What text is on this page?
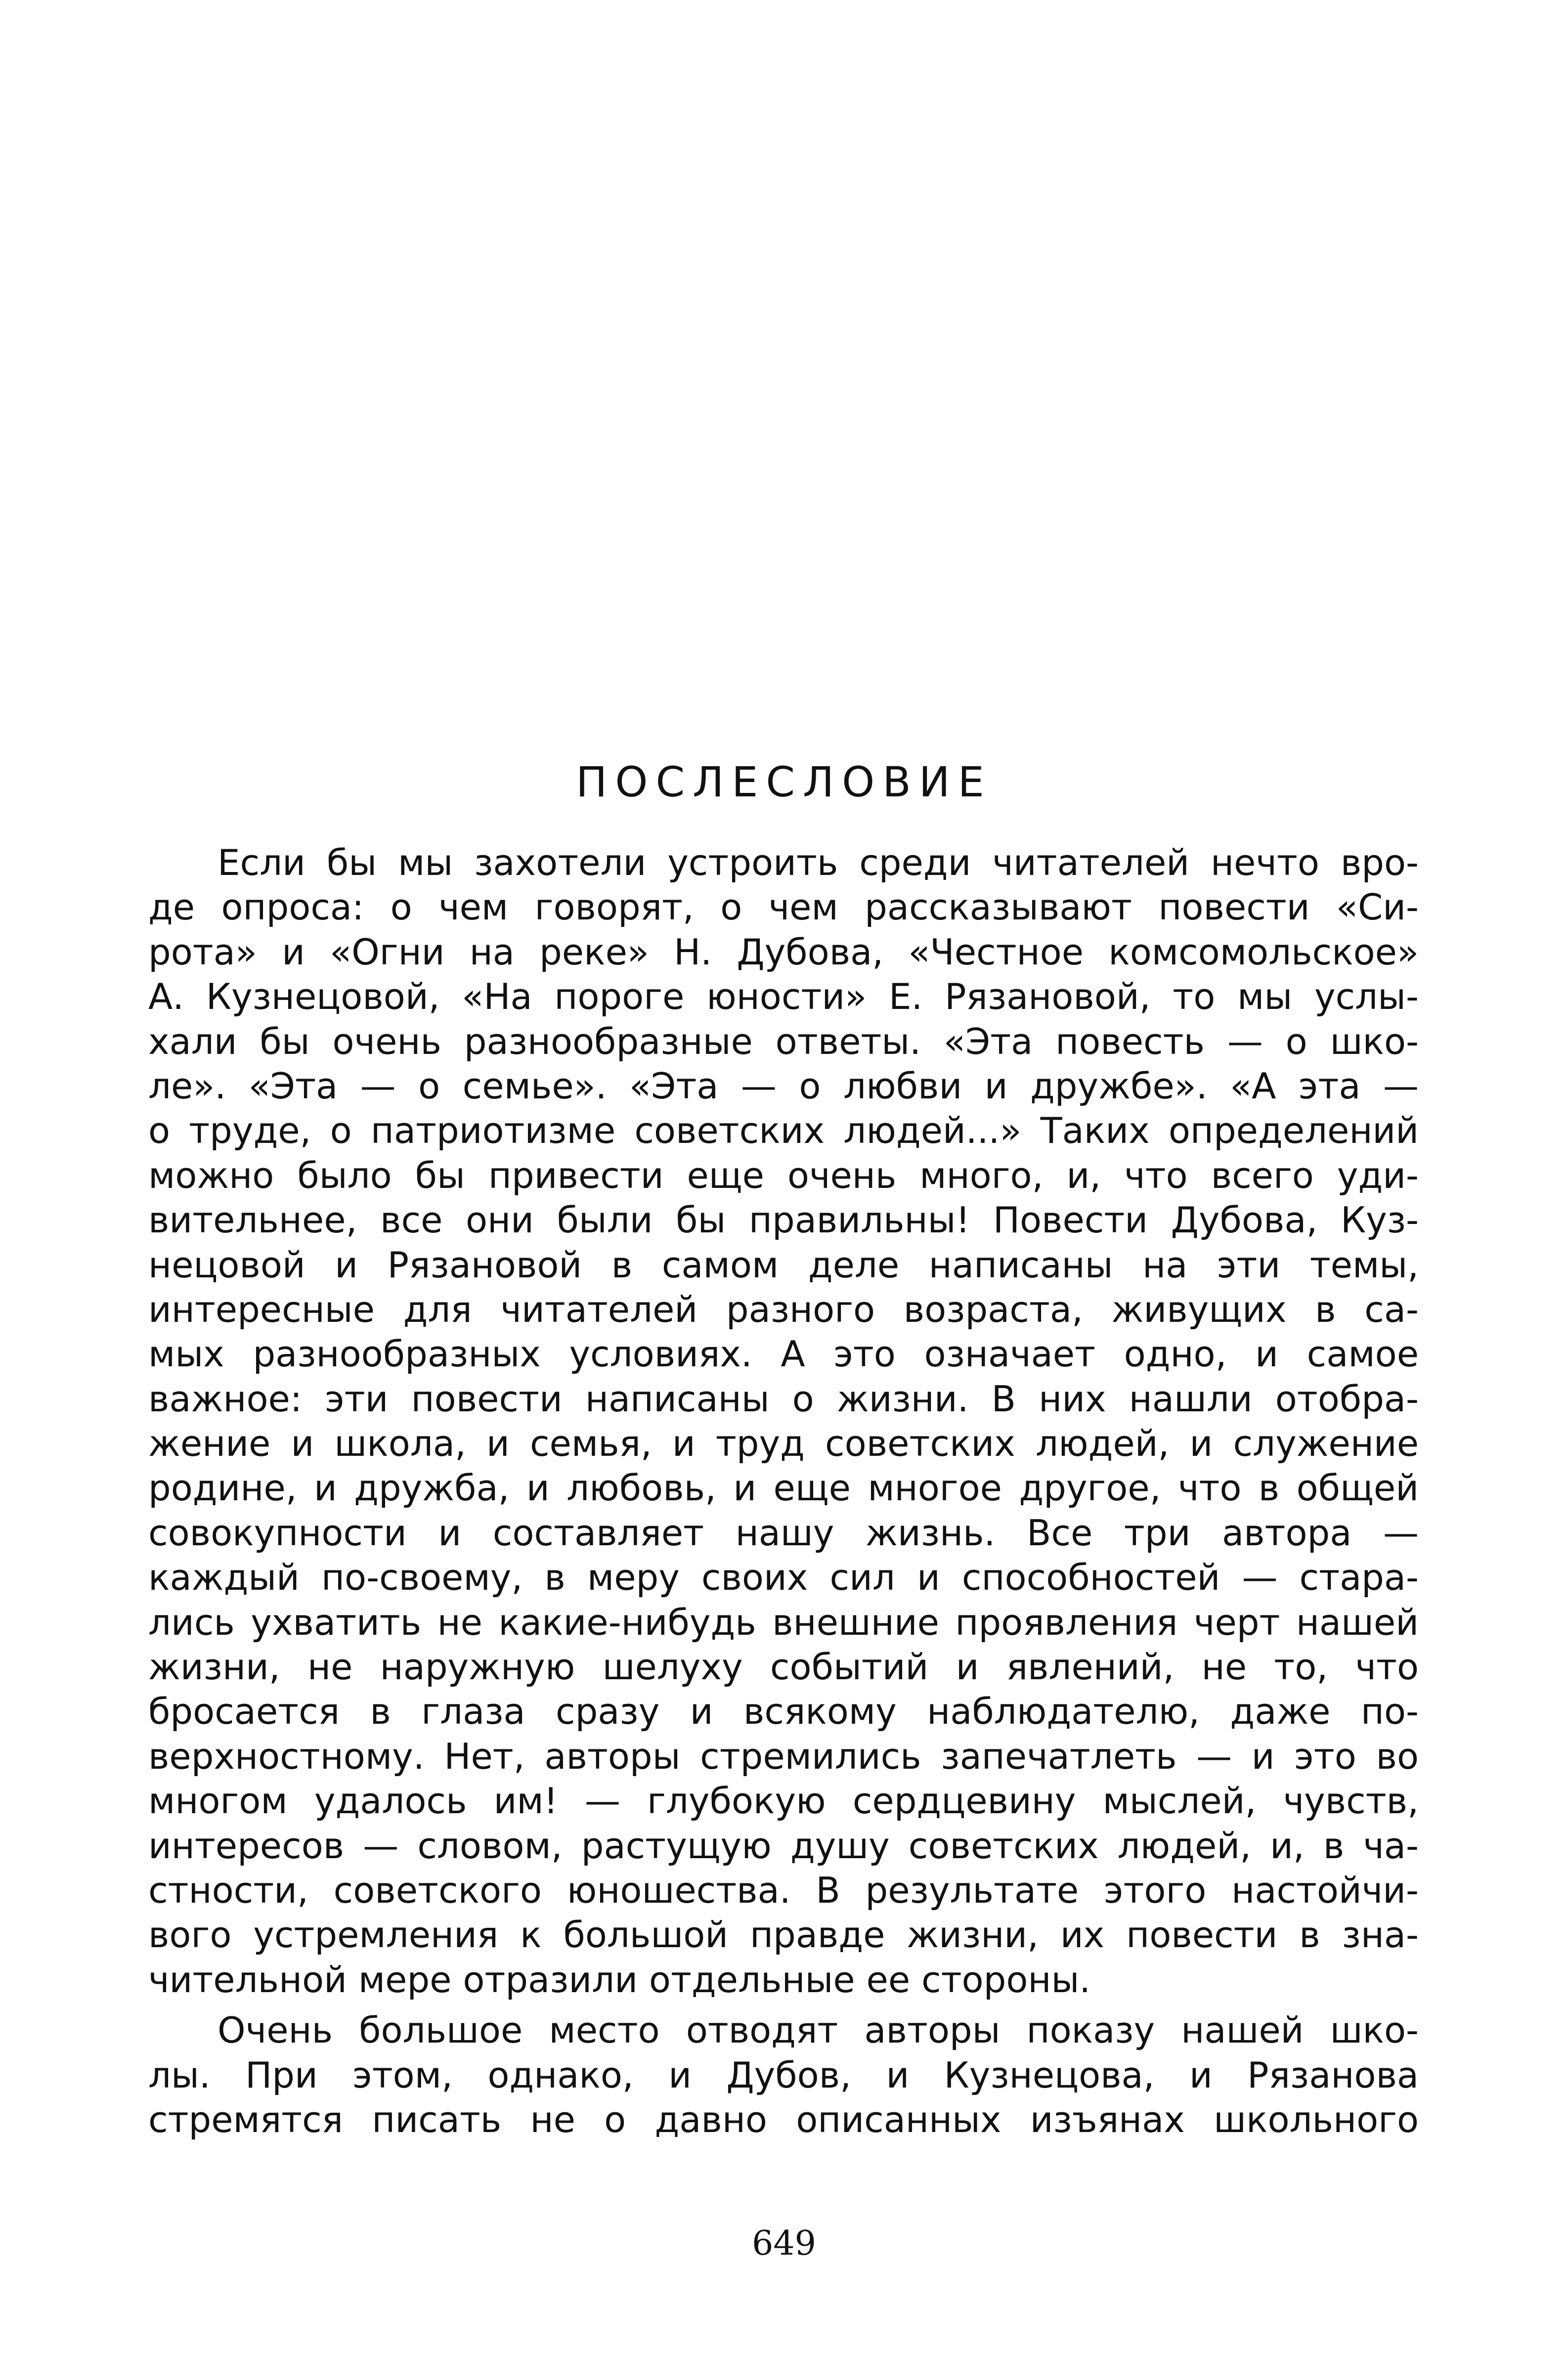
ПОСЛЕСЛОВИЕ
Если бы мы захотели устроить среди читателей нечто вро-
де опроса: о чем говорят, о чем рассказывают повести «Си-
рота» и «Огни на реке» Н. Дубова, «Честное комсомольское»
А. Кузнецовой, «На пороге юности» Е. Рязановой, то мы услы-
хали бы очень разнообразные ответы. «Эта повесть — о шко-
ле». «Эта — о семье». «Эта — о любви и дружбе». «А эта —
о труде, о патриотизме советских людей...» Таких определений
можно было бы привести еще очень много, и, что всего уди-
вительнее, все они были бы правильны! Повести Дубова, Куз-
нецовой и Рязановой в самом деле написаны на эти темы,
интересные для читателей разного возраста, живущих в са-
мых разнообразных условиях. А это означает одно, и самое
важное: эти повести написаны о жизни. В них нашли отобра-
жение и школа, и семья, и труд советских людей, и служение
родине, и дружба, и любовь, и еще многое другое, что в общей
совокупности и составляет нашу жизнь. Все три автора —
каждый по-своему, в меру своих сил и способностей — стара-
лись ухватить не какие-нибудь внешние проявления черт нашей
жизни, не наружную шелуху событий и явлений, не то, что
бросается в глаза сразу и всякому наблюдателю, даже по-
верхностному. Нет, авторы стремились запечатлеть — и это во
многом удалось им! — глубокую сердцевину мыслей, чувств,
интересов — словом, растущую душу советских людей, и, в ча-
стности, советского юношества. В результате этого настойчи-
вого устремления к большой правде жизни, их повести в зна-
чительной мере отразили отдельные ее стороны.
Очень большое место отводят авторы показу нашей шко-
лы. При этом, однако, и Дубов, и Кузнецова, и Рязанова
стремятся писать не о давно описанных изъянах школьного
649
